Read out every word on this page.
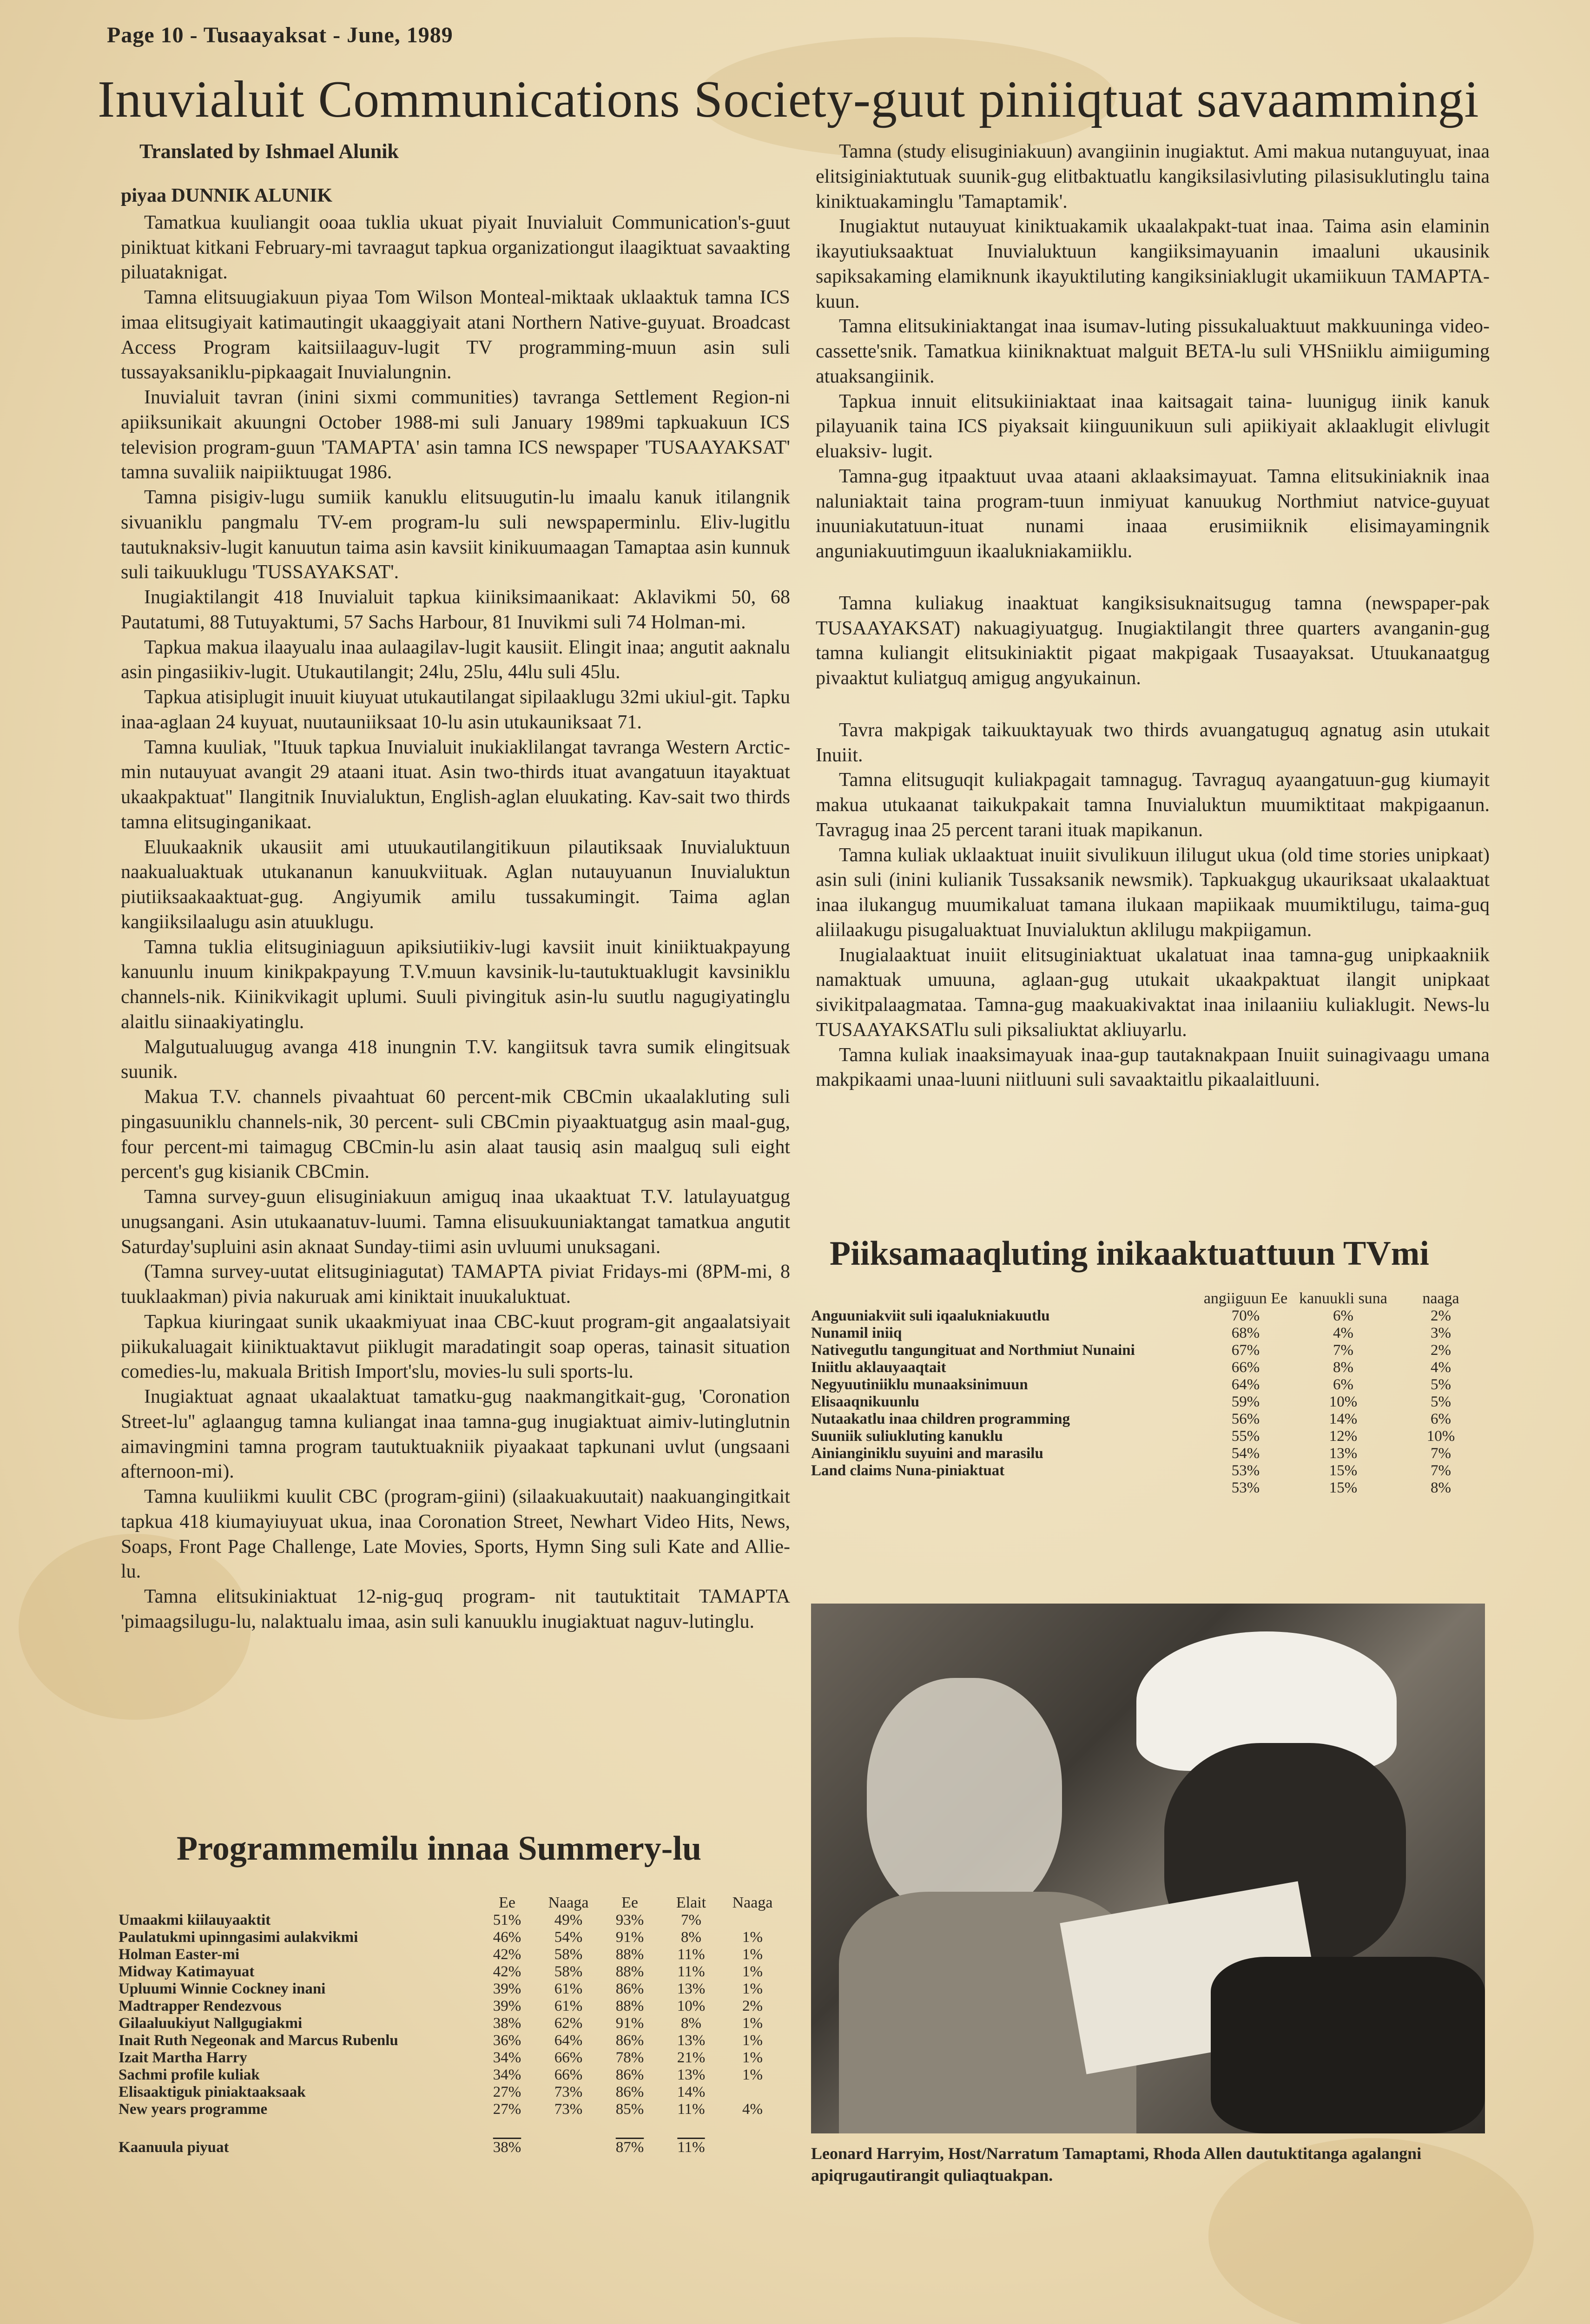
Page 10 - Tusaayaksat - June, 1989
Inuvialuit Communications Society-guut piniiqtuat savaammingi
Translated by Ishmael Alunik

piyaa DUNNIK ALUNIK

Tamatkua kuuliangit ooaa tuklia ukuat piyait Inuvialuit Communication's-guut piniktuat kitkani February-mi tavraagut tapkua organizationgut ilaagiktuat savaakting piluataknigat.

Tamna elitsuugiakuun piyaa Tom Wilson Monteal-miktaak uklaaktuk tamna ICS imaa elitsugiyait katimautingit ukaaggiyait atani Northern Native-guyuat. Broadcast Access Program kaitsiilaaguv-lugit TV programming-muun asin suli tussayaksaniklu-pipkaagait Inuvialungnin.

Inuvialuit tavran (inini sixmi communities) tavranga Settlement Region-ni apiiksunikait akuungni October 1988-mi suli January 1989mi tapkuakuun ICS television program-guun 'TAMAPTA' asin tamna ICS newspaper 'TUSAAYAKSAT' tamna suvaliik naipiiktuugat 1986.

Tamna pisigiv-lugu sumiik kanuklu elitsuugutin-lu imaalu kanuk itilangnik sivuaniklu pangmalu TV-em program-lu suli newspaperminlu. Eliv-lugitlu tautuknaksiv-lugit kanuutun taima asin kavsiit kinikuumaagan Tamaptaa asin kunnuk suli taikuuklugu 'TUSSAYAKSAT'.

Inugiaktilangit 418 Inuvialuit tapkua kiiniksimaanikaat: Aklavikmi 50, 68 Pautatumi, 88 Tutuyaktumi, 57 Sachs Harbour, 81 Inuvikmi suli 74 Holman-mi.

Tapkua makua ilaayualu inaa aulaagilav-lugit kausiit. Elingit inaa; angutit aaknalu asin pingasiikiv-lugit. Utukautilangit; 24lu, 25lu, 44lu suli 45lu.

Tapkua atisiplugit inuuit kiuyuat utukautilangat sipilaaklugu 32mi ukiul-git. Tapku inaa-aglaan 24 kuyuat, nuutauniiksaat 10-lu asin utukauniksaat 71.

Tamna kuuliak, "Ituuk tapkua Inuvialuit inukiaklilangat tavranga Western Arctic-min nutauyuat avangit 29 ataani ituat. Asin two-thirds ituat avangatuun itayaktuat ukaakpaktuat" Ilangitnik Inuvialuktun, English-aglan eluukating. Kav-sait two thirds tamna elitsuginganikaat.

Eluukaaknik ukausiit ami utuukautilangitikuun pilautiksaak Inuvialuktuun naakualuaktuak utukananun kanuukviituak. Aglan nutauyuanun Inuvialuktun piutiiksaakaaktuat-gug. Angiyumik amilu tussakumingit. Taima aglan kangiiksilaalugu asin atuuklugu.

Tamna tuklia elitsuginiaguun apiksiutiikiv-lugi kavsiit inuit kiniiktuakpayung kanuunlu inuum kinikpakpayung T.V.muun kavsinik-lu-tautuktuaklugit kavsiniklu channels-nik. Kiinikvikagit uplumi. Suuli pivingituk asin-lu suutlu nagugiyatinglu alaitlu siinaakiyatinglu.

Malgutualuugug avanga 418 inungnin T.V. kangiitsuk tavra sumik elingitsuak suunik.

Makua T.V. channels pivaahtuat 60 percent-mik CBCmin ukaalakluting suli pingasuuniklu channels-nik, 30 percent- suli CBCmin piyaaktuatgug asin maal-gug, four percent-mi taimagug CBCmin-lu asin alaat tausiq asin maalguq suli eight percent's gug kisianik CBCmin.

Tamna survey-guun elisuginiakuun amiguq inaa ukaaktuat T.V. latulayuatgug unugsangani. Asin utukaanatuv-luumi. Tamna elisuukuuniaktangat tamatkua angutit Saturday'supluini asin aknaat Sunday-tiimi asin uvluumi unuksagani.

(Tamna survey-uutat elitsuginiagutat) TAMAPTA piviat Fridays-mi (8PM-mi, 8 tuuklaakman) pivia nakuruak ami kiniktait inuukaluktuat.

Tapkua kiuringaat sunik ukaakmiyuat inaa CBC-kuut program-git angaalatsiyait piikukaluagait kiiniktuaktavut piiklugit maradatingit soap operas, tainasit situation comedies-lu, makuala British Import'slu, movies-lu suli sports-lu.

Inugiaktuat agnaat ukaalaktuat tamatku-gug naakmangitkait-gug, 'Coronation Street-lu'' aglaangug tamna kuliangat inaa tamna-gug inugiaktuat aimiv-lutinglutnin aimavingmini tamna program tautuktuakniik piyaakaat tapkunani uvlut (ungsaani afternoon-mi).

Tamna kuuliikmi kuulit CBC (program-giini) (silaakuakuutait) naakuangingitkait tapkua 418 kiumayiuyuat ukua, inaa Coronation Street, Newhart Video Hits, News, Soaps, Front Page Challenge, Late Movies, Sports, Hymn Sing suli Kate and Allie-lu.

Tamna elitsukiniaktuat 12-nig-guq program- nit tautuktitait TAMAPTA 'pimaagsilugu-lu, nalaktualu imaa, asin suli kanuuklu inugiaktuat naguv-lutinglu.

Tamna (study elisuginiakuun) avangiinin inugiaktut. Ami makua nutanguyuat, inaa elitsiginiaktutuak suunik-gug elitbaktuatlu kangiksilasivluting pilasisuklutinglu taina kiniktuakaminglu 'Tamaptamik'.

Inugiaktut nutauyuat kiniktuakamik ukaalakpakt-tuat inaa. Taima asin elaminin ikayutiuksaaktuat Inuvialuktuun kangiiksimayuanin imaaluni ukausinik sapiksakaming elamiknunk ikayuktiluting kangiksiniaklugit ukamiikuun TAMAPTA-kuun.

Tamna elitsukiniaktangat inaa isumav-luting pissukaluaktuut makkuuninga video-cassette'snik. Tamatkua kiiniknaktuat malguit BETA-lu suli VHSniiklu aimiiguming atuaksangiinik.

Tapkua innuit elitsukiiniaktaat inaa kaitsagait taina- luunigug iinik kanuk pilayuanik taina ICS piyaksait kiinguunikuun suli apiikiyait aklaaklugit elivlugit eluaksiv- lugit.

Tamna-gug itpaaktuut uvaa ataani aklaaksimayuat. Tamna elitsukiniaknik inaa naluniaktait taina program-tuun inmiyuat kanuukug Northmiut natvice-guyuat inuuniakutatuun-ituat nunami inaaa erusimiiknik elisimayamingnik anguniakuutimguun ikaalukniakamiiklu.

Tamna kuliakug inaaktuat kangiksisuknaitsugug tamna (newspaper-pak TUSAAYAKSAT) nakuagiyuatgug. Inugiaktilangit three quarters avanganin-gug tamna kuliangit elitsukiniaktit pigaat makpigaak Tusaayaksat. Utuukanaatgug pivaaktut kuliatguq amigug angyukainun.

Tavra makpigak taikuuktayuak two thirds avuangatuguq agnatug asin utukait Inuiit.

Tamna elitsuguqit kuliakpagait tamnagug. Tavraguq ayaangatuun-gug kiumayit makua utukaanat taikukpakait tamna Inuvialuktun muumiktitaat makpigaanun. Tavragug inaa 25 percent tarani ituak mapikanun.

Tamna kuliak uklaaktuat inuiit sivulikuun ililugut ukua (old time stories unipkaat) asin suli (inini kulianik Tussaksanik newsmik). Tapkuakgug ukauriksaat ukalaaktuat inaa ilukangug muumikaluat tamana ilukaan mapiikaak muumiktilugu, taima-guq aliilaakugu pisugaluaktuat Inuvialuktun aklilugu makpiigamun.

Inugialaaktuat inuiit elitsuginiaktuat ukalatuat inaa tamna-gug unipkaakniik namaktuak umuuna, aglaan-gug utukait ukaakpaktuat ilangit unipkaat sivikitpalaagmataa. Tamna-gug maakuakivaktat inaa inilaaniiu kuliaklugit. News-lu TUSAAYAKSATlu suli piksaliuktat akliuyarlu.

Tamna kuliak inaaksimayuak inaa-gup tautaknakpaan Inuiit suinagivaagu umana makpikaami unaa-luuni niitluuni suli savaaktaitlu pikaalaitluuni.

Piiksamaaqluting inikaaktuattuun TVmi
	angiiguun Ee	kanuukli suna	naaga
Anguuniakviit suli iqaalukniakuutlu	70%	6%	2%
Nunamil iniiq	68%	4%	3%
Nativegutlu tangungituat and Northmiut Nunaini	67%	7%	2%
Iniitlu aklauyaaqtait	66%	8%	4%
Negyuutiniiklu munaaksinimuun	64%	6%	5%
Elisaaqnikuunlu	59%	10%	5%
Nutaakatlu inaa children programming	56%	14%	6%
Suuniik suliukluting kanuklu	55%	12%	10%
Ainianginiklu suyuini and marasilu	54%	13%	7%
Land claims Nuna-piniaktuat	53%	15%	7%
	53%	15%	8%
Leonard Harryim, Host/Narratum Tamaptami, Rhoda Allen dautuktitanga agalangni apiqrugautirangit quliaqtuakpan.
Programmemilu innaa Summery-lu
	Ee	Naaga	Ee	Elait	Naaga
Umaakmi kiilauyaaktit	51%	49%	93%	7%	
Paulatukmi upinngasimi aulakvikmi	46%	54%	91%	8%	1%
Holman Easter-mi	42%	58%	88%	11%	1%
Midway Katimayuat	42%	58%	88%	11%	1%
Upluumi Winnie Cockney inani	39%	61%	86%	13%	1%
Madtrapper Rendezvous	39%	61%	88%	10%	2%
Gilaaluukiyut Nallgugiakmi	38%	62%	91%	8%	1%
Inait Ruth Negeonak and Marcus Rubenlu	36%	64%	86%	13%	1%
Izait Martha Harry	34%	66%	78%	21%	1%
Sachmi profile kuliak	34%	66%	86%	13%	1%
Elisaaktiguk piniaktaaksaak	27%	73%	86%	14%	
New years programme	27%	73%	85%	11%	4%
Kaanuula piyuat	38%		87%	11%	
